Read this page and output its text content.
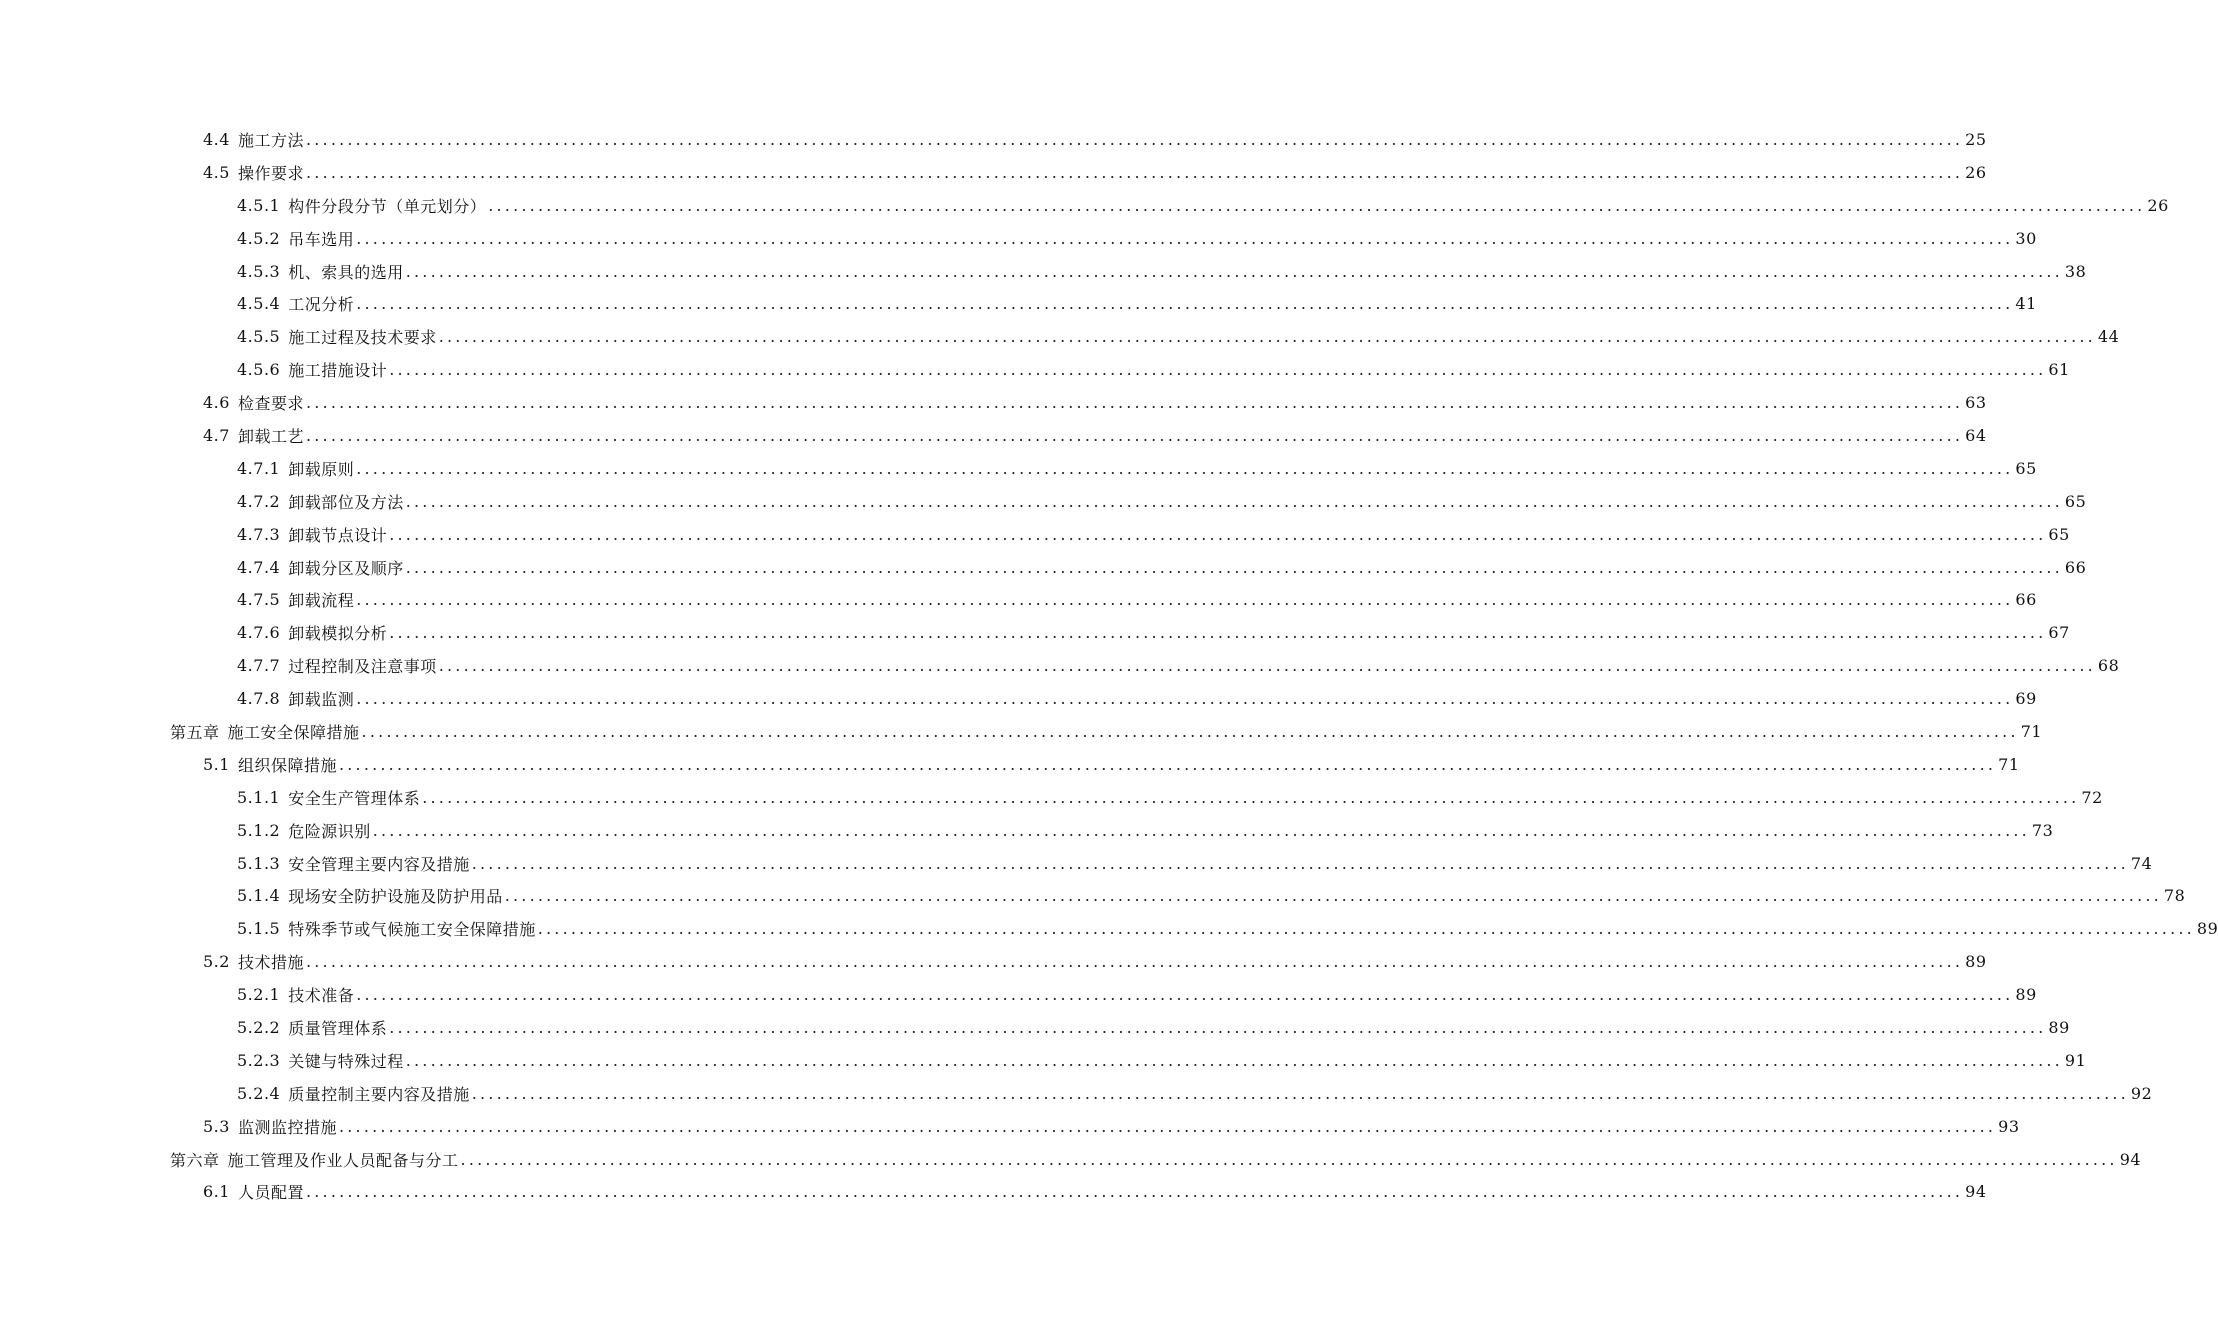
4.4 施工方法 ........................................................................................................................................................................................................ 25
4.5 操作要求 ........................................................................................................................................................................................................ 26
4.5.1 构件分段分节（单元划分） ........................................................................................................................................................................................................ 26
4.5.2 吊车选用 ........................................................................................................................................................................................................ 30
4.5.3 机、索具的选用 ........................................................................................................................................................................................................ 38
4.5.4 工况分析 ........................................................................................................................................................................................................ 41
4.5.5 施工过程及技术要求 ........................................................................................................................................................................................................ 44
4.5.6 施工措施设计 ........................................................................................................................................................................................................ 61
4.6 检查要求 ........................................................................................................................................................................................................ 63
4.7 卸载工艺 ........................................................................................................................................................................................................ 64
4.7.1 卸载原则 ........................................................................................................................................................................................................ 65
4.7.2 卸载部位及方法 ........................................................................................................................................................................................................ 65
4.7.3 卸载节点设计 ........................................................................................................................................................................................................ 65
4.7.4 卸载分区及顺序 ........................................................................................................................................................................................................ 66
4.7.5 卸载流程 ........................................................................................................................................................................................................ 66
4.7.6 卸载模拟分析 ........................................................................................................................................................................................................ 67
4.7.7 过程控制及注意事项 ........................................................................................................................................................................................................ 68
4.7.8 卸载监测 ........................................................................................................................................................................................................ 69
第五章 施工安全保障措施 ........................................................................................................................................................................................................ 71
5.1 组织保障措施 ........................................................................................................................................................................................................ 71
5.1.1 安全生产管理体系 ........................................................................................................................................................................................................ 72
5.1.2 危险源识别 ........................................................................................................................................................................................................ 73
5.1.3 安全管理主要内容及措施 ........................................................................................................................................................................................................ 74
5.1.4 现场安全防护设施及防护用品 ........................................................................................................................................................................................................ 78
5.1.5 特殊季节或气候施工安全保障措施 ........................................................................................................................................................................................................ 89
5.2 技术措施 ........................................................................................................................................................................................................ 89
5.2.1 技术准备 ........................................................................................................................................................................................................ 89
5.2.2 质量管理体系 ........................................................................................................................................................................................................ 89
5.2.3 关键与特殊过程 ........................................................................................................................................................................................................ 91
5.2.4 质量控制主要内容及措施 ........................................................................................................................................................................................................ 92
5.3 监测监控措施 ........................................................................................................................................................................................................ 93
第六章 施工管理及作业人员配备与分工 ........................................................................................................................................................................................................ 94
6.1 人员配置 ........................................................................................................................................................................................................ 94
